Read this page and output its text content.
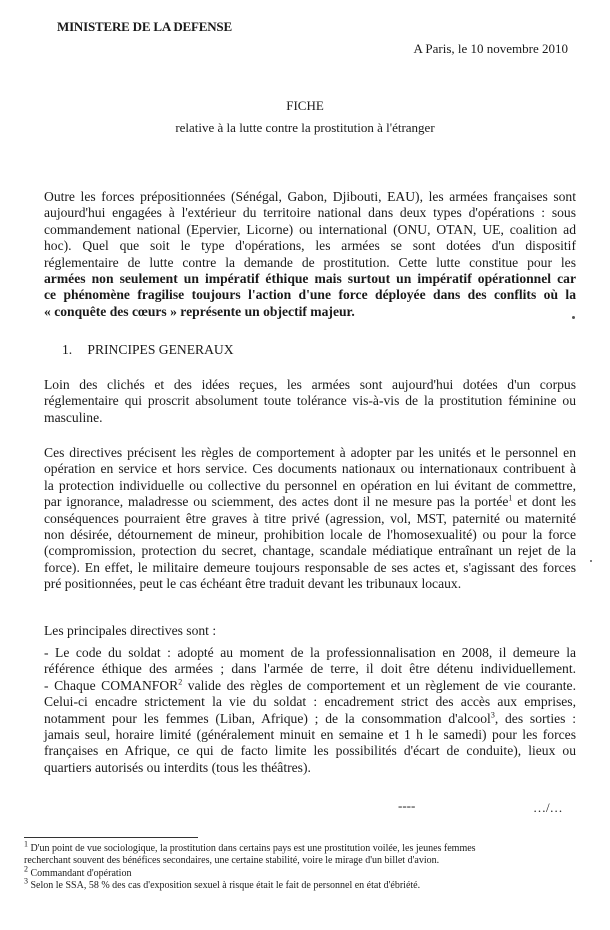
MINISTERE DE LA DEFENSE
A Paris, le 10 novembre 2010
FICHE
relative à la lutte contre la prostitution à l'étranger
Outre les forces prépositionnées (Sénégal, Gabon, Djibouti, EAU), les armées françaises sont
aujourd'hui engagées à l'extérieur du territoire national dans deux types d'opérations : sous
commandement national (Epervier, Licorne) ou international (ONU, OTAN, UE, coalition ad
hoc). Quel que soit le type d'opérations, les armées se sont dotées d'un dispositif
réglementaire de lutte contre la demande de prostitution. Cette lutte constitue pour les
armées non seulement un impératif éthique mais surtout un impératif opérationnel car
ce phénomène fragilise toujours l'action d'une force déployée dans des conflits où la
« conquête des cœurs » représente un objectif majeur.
1. PRINCIPES GENERAUX
Loin des clichés et des idées reçues, les armées sont aujourd'hui dotées d'un corpus
réglementaire qui proscrit absolument toute tolérance vis-à-vis de la prostitution féminine ou
masculine.
Ces directives précisent les règles de comportement à adopter par les unités et le personnel en
opération en service et hors service. Ces documents nationaux ou internationaux contribuent à
la protection individuelle ou collective du personnel en opération en lui évitant de commettre,
par ignorance, maladresse ou sciemment, des actes dont il ne mesure pas la portée$^1$ et dont les
conséquences pourraient être graves à titre privé (agression, vol, MST, paternité ou maternité
non désirée, détournement de mineur, prohibition locale de l'homosexualité) ou pour la force
(compromission, protection du secret, chantage, scandale médiatique entraînant un rejet de la
force). En effet, le militaire demeure toujours responsable de ses actes et, s'agissant des forces
pré positionnées, peut le cas échéant être traduit devant les tribunaux locaux.
Les principales directives sont :
- Le code du soldat : adopté au moment de la professionnalisation en 2008, il demeure la
référence éthique des armées ; dans l'armée de terre, il doit être détenu individuellement.
- Chaque COMANFOR$^2$ valide des règles de comportement et un règlement de vie courante.
Celui-ci encadre strictement la vie du soldat : encadrement strict des accès aux emprises,
notamment pour les femmes (Liban, Afrique) ; de la consommation d'alcool$^3$, des sorties :
jamais seul, horaire limité (généralement minuit en semaine et 1 h le samedi) pour les forces
françaises en Afrique, ce qui de facto limite les possibilités d'écart de conduite), lieux ou
quartiers autorisés ou interdits (tous les théâtres).
----	…/…
$^1$ D'un point de vue sociologique, la prostitution dans certains pays est une prostitution voilée, les jeunes femmes
recherchant souvent des bénéfices secondaires, une certaine stabilité, voire le mirage d'un billet d'avion.
$^2$ Commandant d'opération
$^3$ Selon le SSA, 58 % des cas d'exposition sexuel à risque était le fait de personnel en état d'ébriété.
